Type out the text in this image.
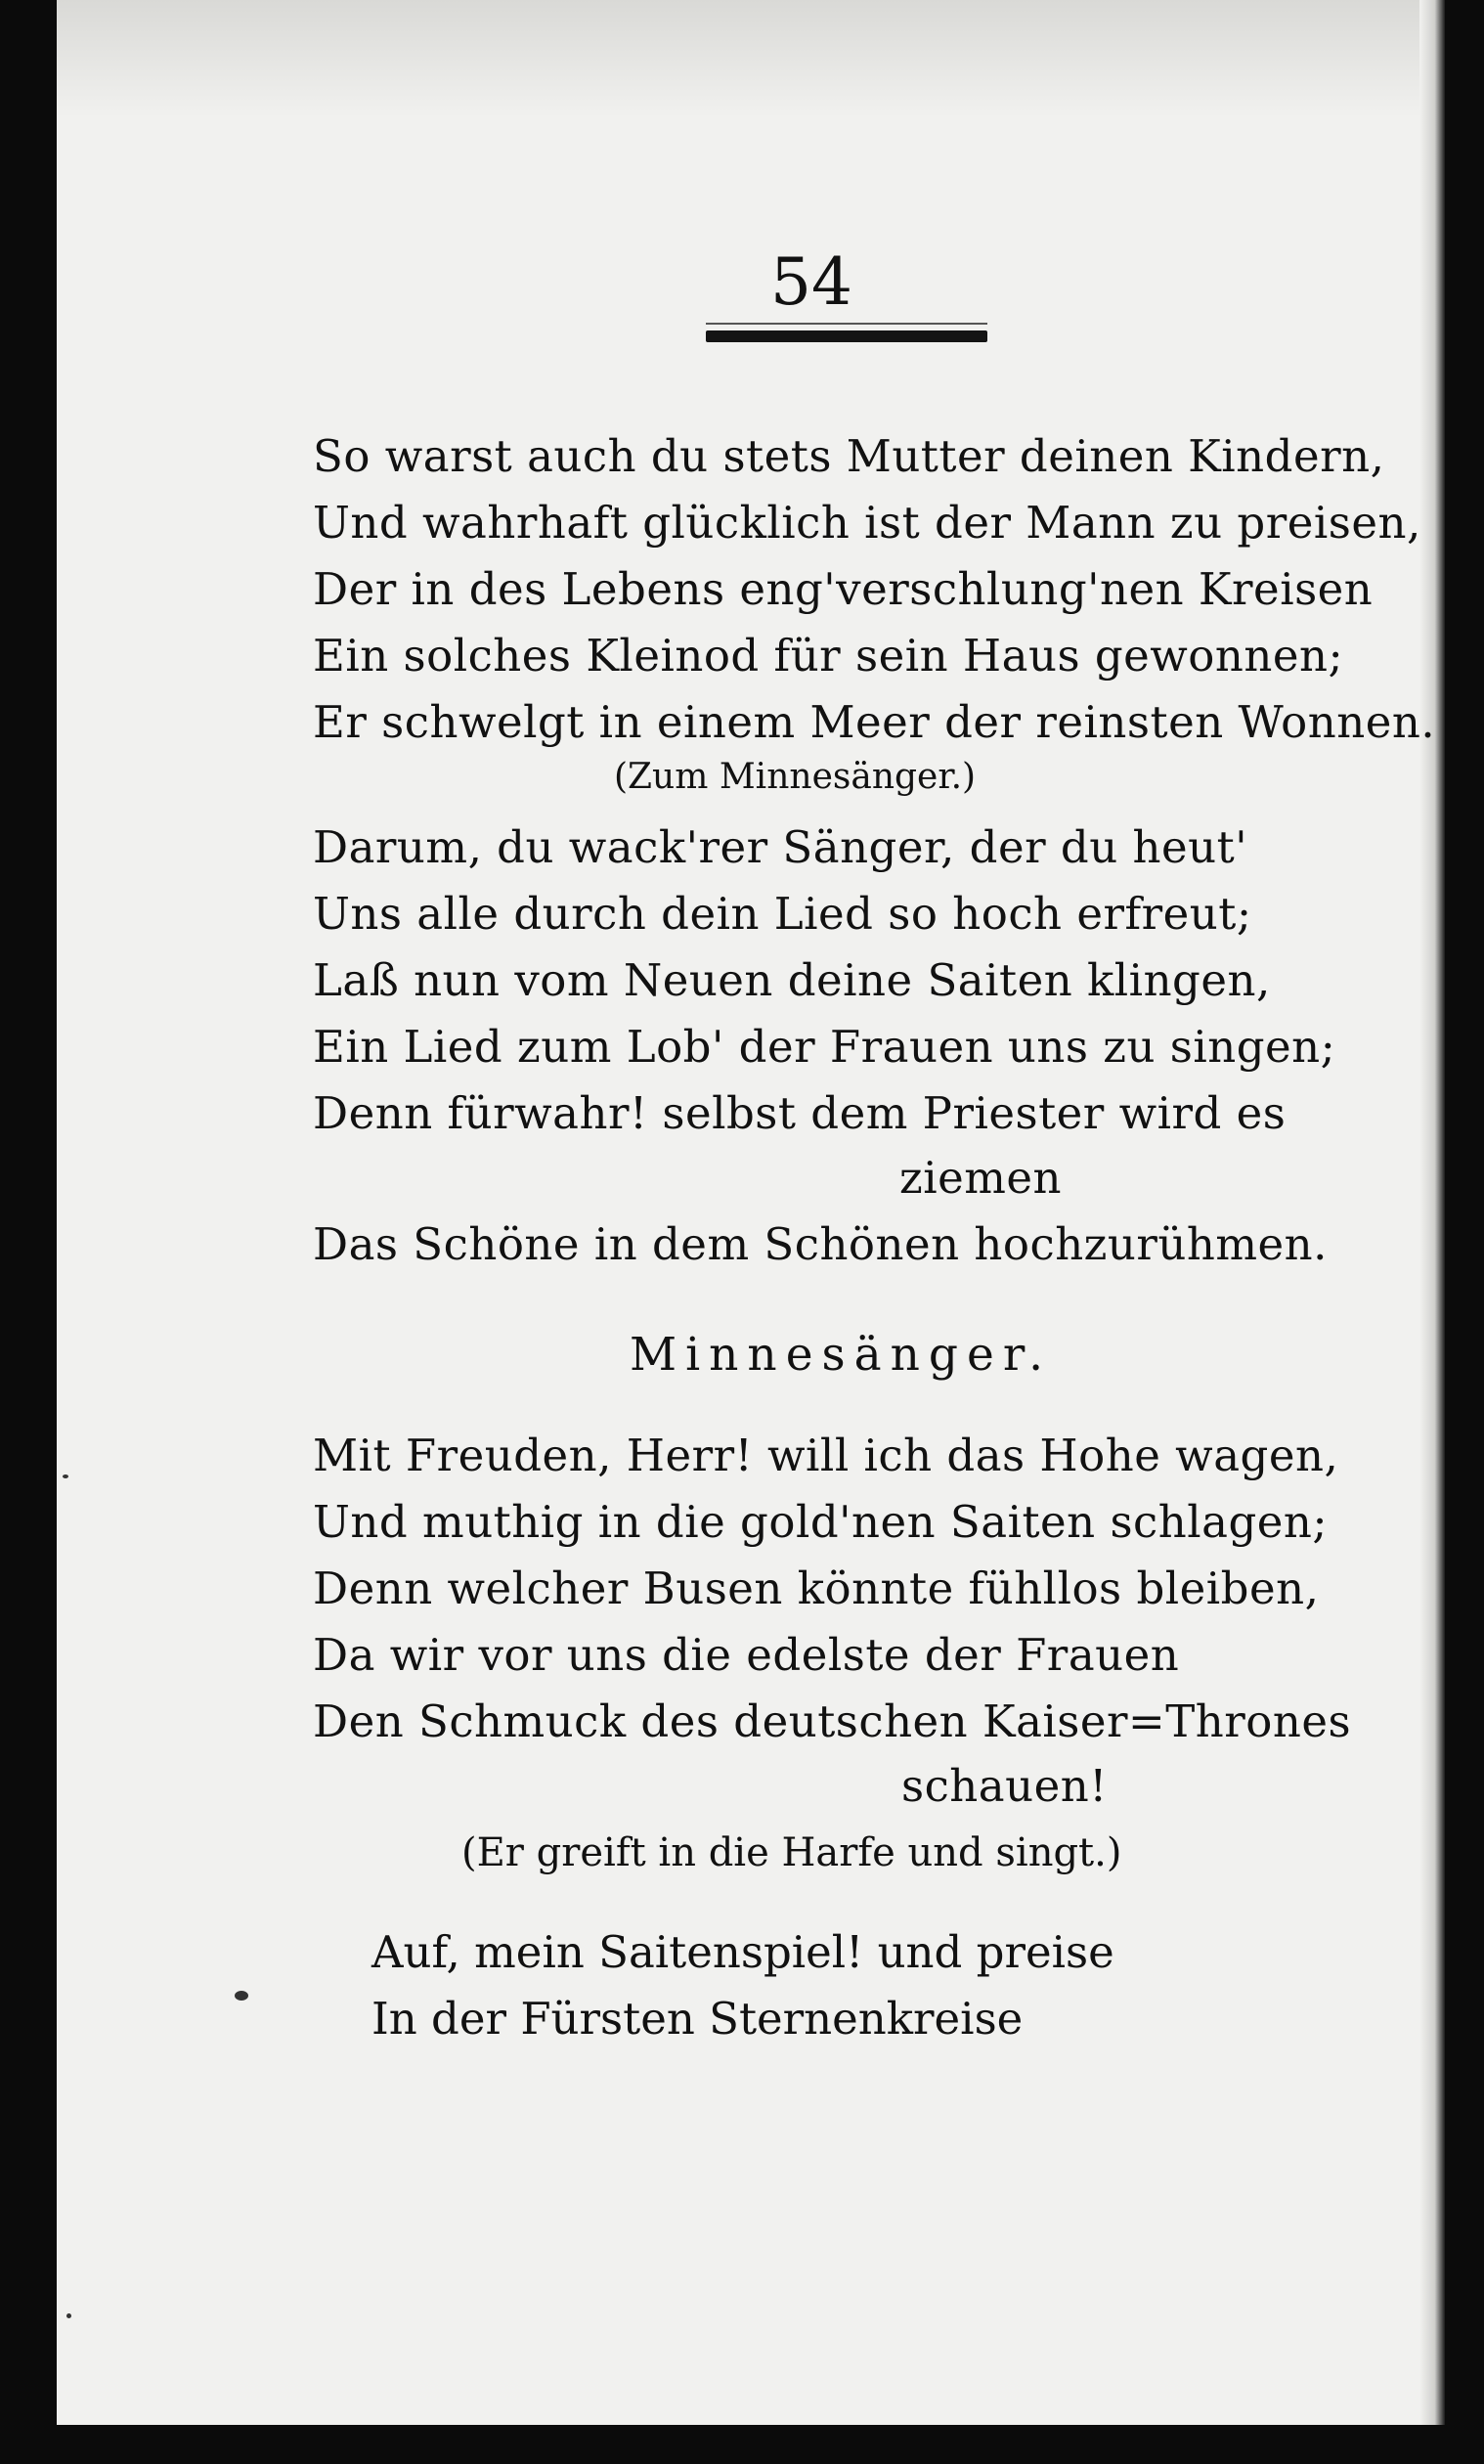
54
So warst auch du stets Mutter deinen Kindern,
Und wahrhaft glücklich ist der Mann zu preisen,
Der in des Lebens eng'verschlung'nen Kreisen
Ein solches Kleinod für sein Haus gewonnen;
Er schwelgt in einem Meer der reinsten Wonnen.
(Zum Minnesänger.)
Darum, du wack'rer Sänger, der du heut'
Uns alle durch dein Lied so hoch erfreut;
Laß nun vom Neuen deine Saiten klingen,
Ein Lied zum Lob' der Frauen uns zu singen;
Denn fürwahr! selbst dem Priester wird es
ziemen
Das Schöne in dem Schönen hochzurühmen.
Minnesänger.
Mit Freuden, Herr! will ich das Hohe wagen,
Und muthig in die gold'nen Saiten schlagen;
Denn welcher Busen könnte fühllos bleiben,
Da wir vor uns die edelste der Frauen
Den Schmuck des deutschen Kaiser=Thrones
schauen!
(Er greift in die Harfe und singt.)
Auf, mein Saitenspiel! und preise
In der Fürsten Sternenkreise
